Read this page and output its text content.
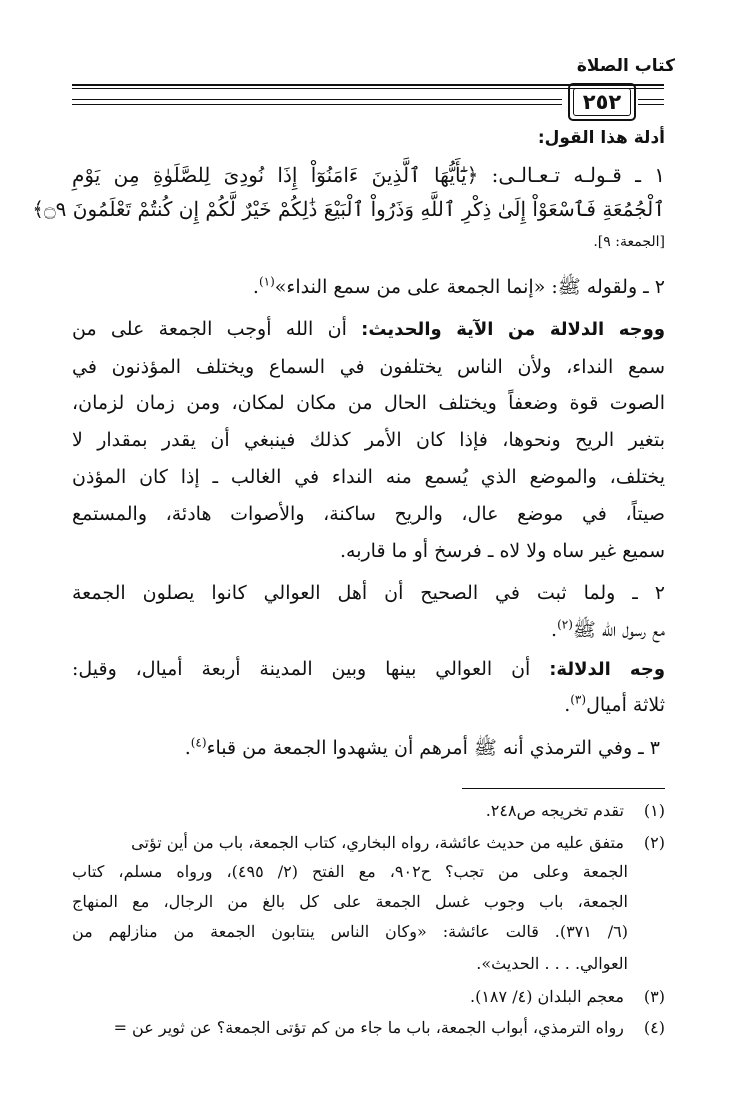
كتاب الصلاة
٢٥٢
أدلة هذا القول:
١ ـ قـولـه تـعـالـى: ﴿يَٰٓأَيُّهَا ٱلَّذِينَ ءَامَنُوٓاْ إِذَا نُودِىَ لِلصَّلَوٰةِ مِن يَوْمِ
ٱلْجُمُعَةِ فَٱسْعَوْاْ إِلَىٰ ذِكْرِ ٱللَّهِ وَذَرُواْ ٱلْبَيْعَ ذَٰلِكُمْ خَيْرٌ لَّكُمْ إِن كُنتُمْ تَعْلَمُونَ ۝٩﴾
[الجمعة: ٩].
٢ ـ ولقوله ﷺ: «إنما الجمعة على من سمع النداء»$^{(١)}$.
ووجه الدلالة من الآية والحديث: أن الله أوجب الجمعة على من
سمع النداء، ولأن الناس يختلفون في السماع ويختلف المؤذنون في
الصوت قوة وضعفاً ويختلف الحال من مكان لمكان، ومن زمان لزمان،
بتغير الريح ونحوها، فإذا كان الأمر كذلك فينبغي أن يقدر بمقدار لا
يختلف، والموضع الذي يُسمع منه النداء في الغالب ـ إذا كان المؤذن
صيتاً، في موضع عال، والريح ساكنة، والأصوات هادئة، والمستمع
سميع غير ساه ولا لاه ـ فرسخ أو ما قاربه.
٢ ـ ولما ثبت في الصحيح أن أهل العوالي كانوا يصلون الجمعة
مع رسول الله ﷺ$^{(٢)}$.
وجه الدلالة: أن العوالي بينها وبين المدينة أربعة أميال، وقيل:
ثلاثة أميال$^{(٣)}$.
٣ ـ وفي الترمذي أنه ﷺ أمرهم أن يشهدوا الجمعة من قباء$^{(٤)}$.
(١) تقدم تخريجه ص٢٤٨.
(٢) متفق عليه من حديث عائشة، رواه البخاري، كتاب الجمعة، باب من أين تؤتى
الجمعة وعلى من تجب؟ ح٩٠٢، مع الفتح (٢/ ٤٩٥)، ورواه مسلم، كتاب
الجمعة، باب وجوب غسل الجمعة على كل بالغ من الرجال، مع المنهاج
(٦/ ٣٧١). قالت عائشة: «وكان الناس ينتابون الجمعة من منازلهم من
العوالي. . . . الحديث».
(٣) معجم البلدان (٤/ ١٨٧).
(٤) رواه الترمذي، أبواب الجمعة، باب ما جاء من كم تؤتى الجمعة؟ عن ثوير عن =
